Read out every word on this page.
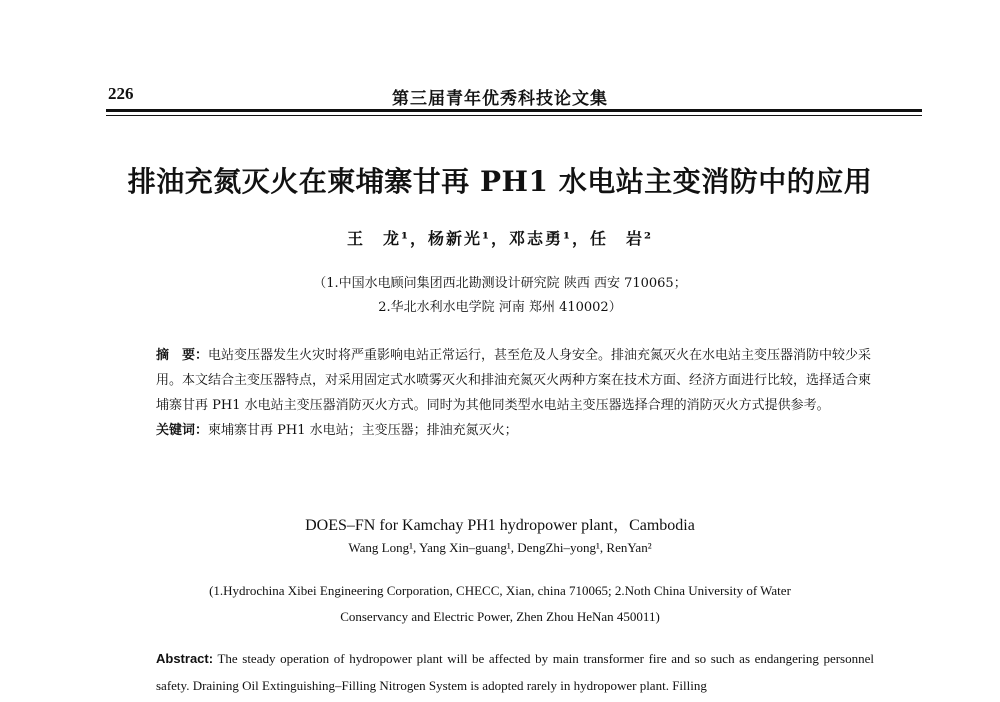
226	第三届青年优秀科技论文集
排油充氮灭火在柬埔寨甘再 PH1 水电站主变消防中的应用
王　龙¹，杨新光¹，邓志勇¹，任　岩²
（1.中国水电顾问集团西北勘测设计研究院 陕西 西安 710065；
2.华北水利水电学院 河南 郑州 410002）

摘　要：电站变压器发生火灾时将严重影响电站正常运行，甚至危及人身安全。排油充氮灭火在水电站主变压器消防中较少采用。本文结合主变压器特点，对采用固定式水喷雾灭火和排油充氮灭火两种方案在技术方面、经济方面进行比较，选择适合柬埔寨甘再 PH1 水电站主变压器消防灭火方式。同时为其他同类型水电站主变压器选择合理的消防灭火方式提供参考。

关键词：柬埔寨甘再 PH1 水电站；主变压器；排油充氮灭火；

DOES–FN for Kamchay PH1 hydropower plant，Cambodia
Wang Long¹, Yang Xin–guang¹, DengZhi–yong¹, RenYan²
(1.Hydrochina Xibei Engineering Corporation, CHECC, Xian, china 710065; 2.Noth China University of Water
Conservancy and Electric Power, Zhen Zhou HeNan 450011)
Abstract: The steady operation of hydropower plant will be affected by main transformer fire and so such as endangering personnel safety. Draining Oil Extinguishing–Filling Nitrogen System is adopted rarely in hydropower plant. Filling
